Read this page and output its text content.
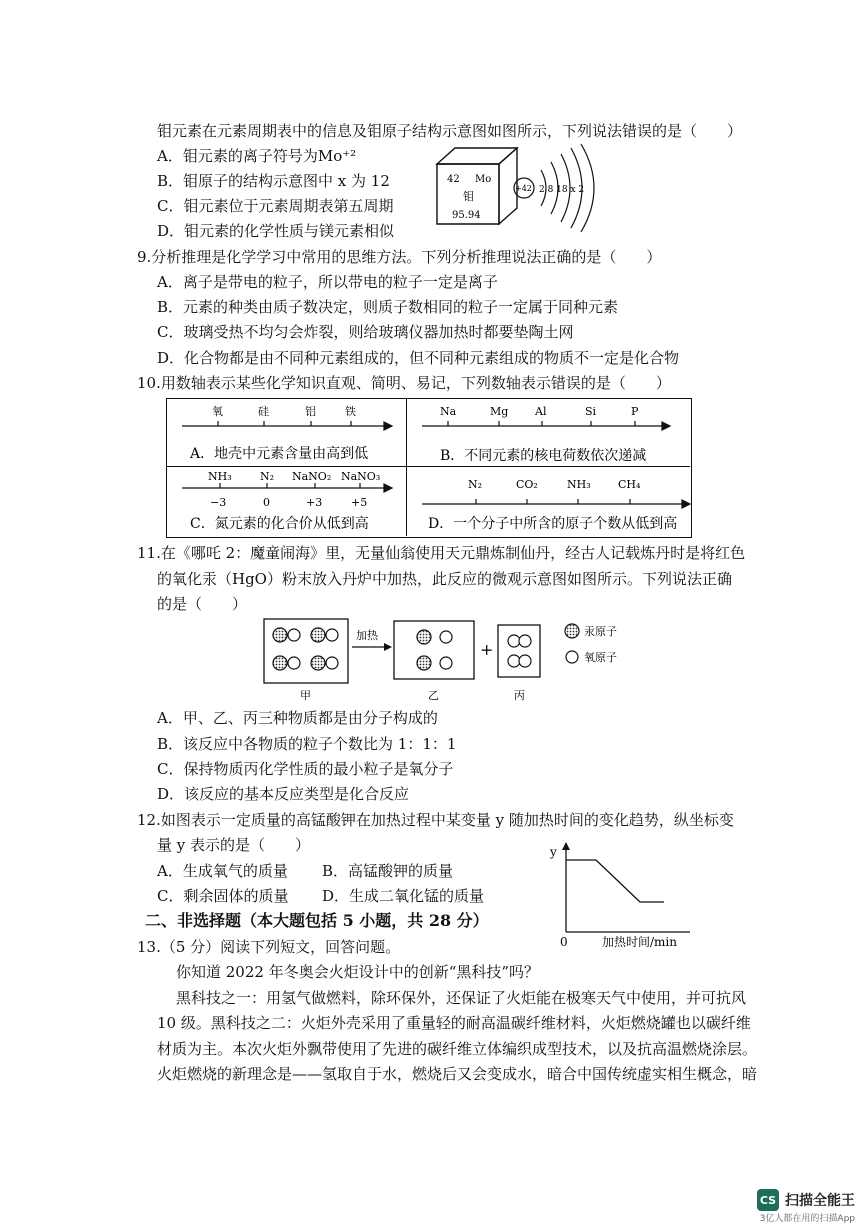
钼元素在元素周期表中的信息及钼原子结构示意图如图所示，下列说法错误的是（　　）
A．钼元素的离子符号为Mo⁺²
B．钼原子的结构示意图中 x 为 12
C．钼元素位于元素周期表第五周期
D．钼元素的化学性质与镁元素相似
42 Mo
钼
95.94
+42 2 8 18 x 2
9.分析推理是化学学习中常用的思维方法。下列分析推理说法正确的是（　　）
A．离子是带电的粒子，所以带电的粒子一定是离子
B．元素的种类由质子数决定，则质子数相同的粒子一定属于同种元素
C．玻璃受热不均匀会炸裂，则给玻璃仪器加热时都要垫陶土网
D．化合物都是由不同种元素组成的，但不同种元素组成的物质不一定是化合物
10.用数轴表示某些化学知识直观、简明、易记，下列数轴表示错误的是（　　）
氧	硅	铝	铁
A．地壳中元素含量由高到低
Na	Mg Al	Si	P
B．不同元素的核电荷数依次递减
NH₃	N₂ NaNO₂ NaNO₃
−3	0	+3	+5
C．氮元素的化合价从低到高
N₂	CO₂	NH₃ CH₄
D．一个分子中所含的原子个数从低到高
11.在《哪吒 2：魔童闹海》里，无量仙翁使用天元鼎炼制仙丹，经古人记载炼丹时是将红色
的氧化汞（HgO）粉末放入丹炉中加热，此反应的微观示意图如图所示。下列说法正确
的是（　　）
加热
+
甲	乙	丙
汞原子
氧原子
A．甲、乙、丙三种物质都是由分子构成的
B．该反应中各物质的粒子个数比为 1：1：1
C．保持物质丙化学性质的最小粒子是氧分子
D．该反应的基本反应类型是化合反应
12.如图表示一定质量的高锰酸钾在加热过程中某变量 y 随加热时间的变化趋势，纵坐标变
量 y 表示的是（　　）
A．生成氧气的质量 B．高锰酸钾的质量
C．剩余固体的质量 D．生成二氧化锰的质量
y
0	加热时间/min
二、非选择题（本大题包括 5 小题，共 28 分）
13.（5 分）阅读下列短文，回答问题。
你知道 2022 年冬奥会火炬设计中的创新“黑科技”吗？
黑科技之一：用氢气做燃料，除环保外，还保证了火炬能在极寒天气中使用，并可抗风
10 级。黑科技之二：火炬外壳采用了重量轻的耐高温碳纤维材料，火炬燃烧罐也以碳纤维
材质为主。本次火炬外飘带使用了先进的碳纤维立体编织成型技术，以及抗高温燃烧涂层。
火炬燃烧的新理念是——氢取自于水，燃烧后又会变成水，暗合中国传统虚实相生概念，暗
CS 扫描全能王
3亿人都在用的扫描App
